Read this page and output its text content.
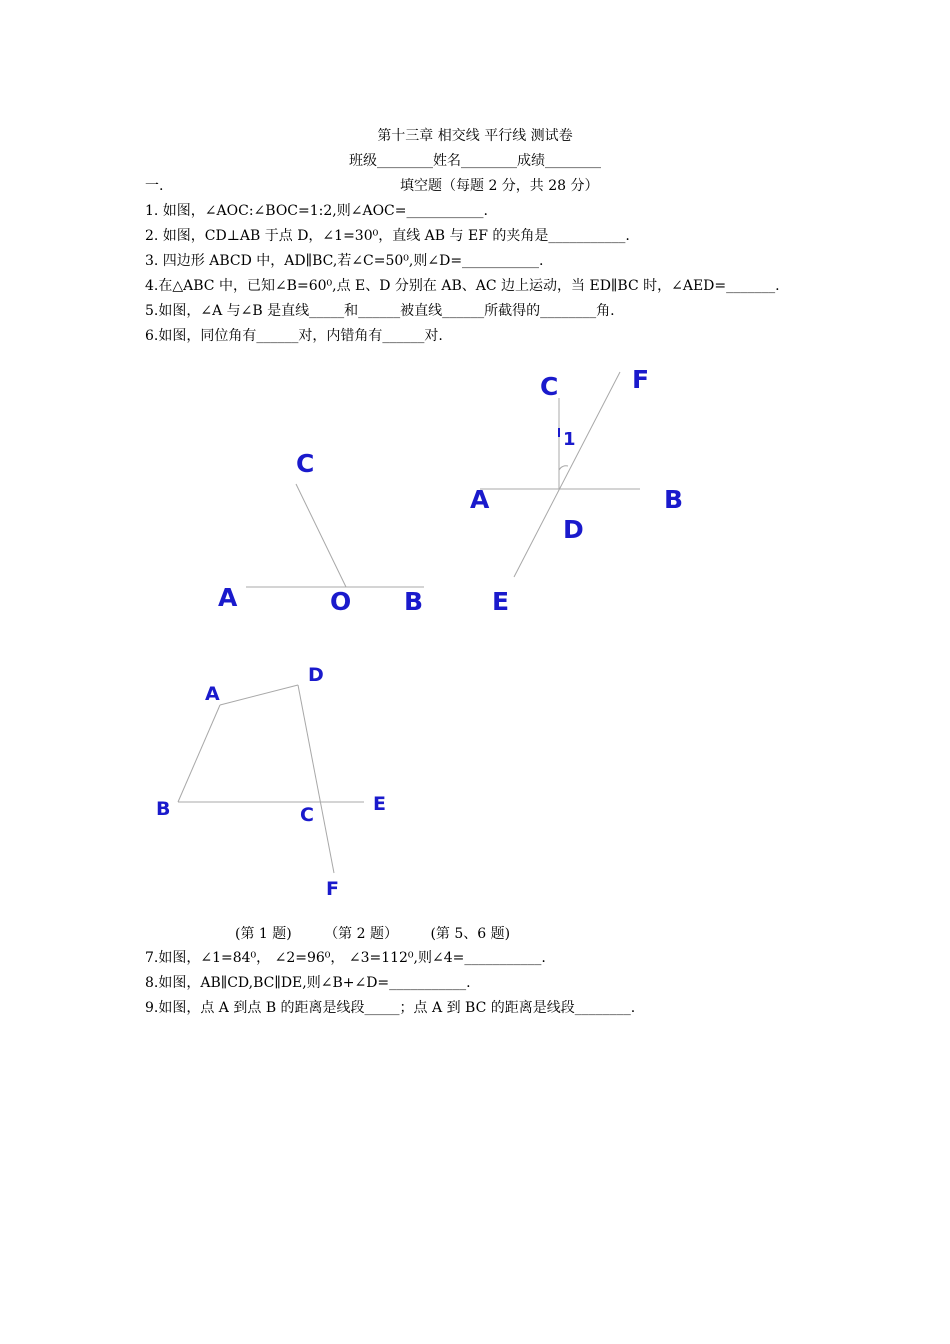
第十三章 相交线 平行线 测试卷
班级________姓名________成绩________
一.	填空题（每题 2 分，共 28 分）
1. 如图，∠AOC:∠BOC=1:2,则∠AOC=___________.
2. 如图，CD⊥AB 于点 D，∠1=30⁰，直线 AB 与 EF 的夹角是___________.
3. 四边形 ABCD 中，AD∥BC,若∠C=50⁰,则∠D=___________.
4.在△ABC 中，已知∠B=60⁰,点 E、D 分别在 AB、AC 边上运动，当 ED∥BC 时，∠AED=_______.
5.如图，∠A 与∠B 是直线_____和______被直线______所截得的________角.
6.如图，同位角有______对，内错角有______对.
C
A	O B
C	F
1
A	B
D
E
A
D
B	C	E
F
(第 1 题) （第 2 题） (第 5、6 题)
7.如图，∠1=84⁰， ∠2=96⁰， ∠3=112⁰,则∠4=___________.
8.如图，AB∥CD,BC∥DE,则∠B+∠D=___________.
9.如图，点 A 到点 B 的距离是线段_____；点 A 到 BC 的距离是线段________.
